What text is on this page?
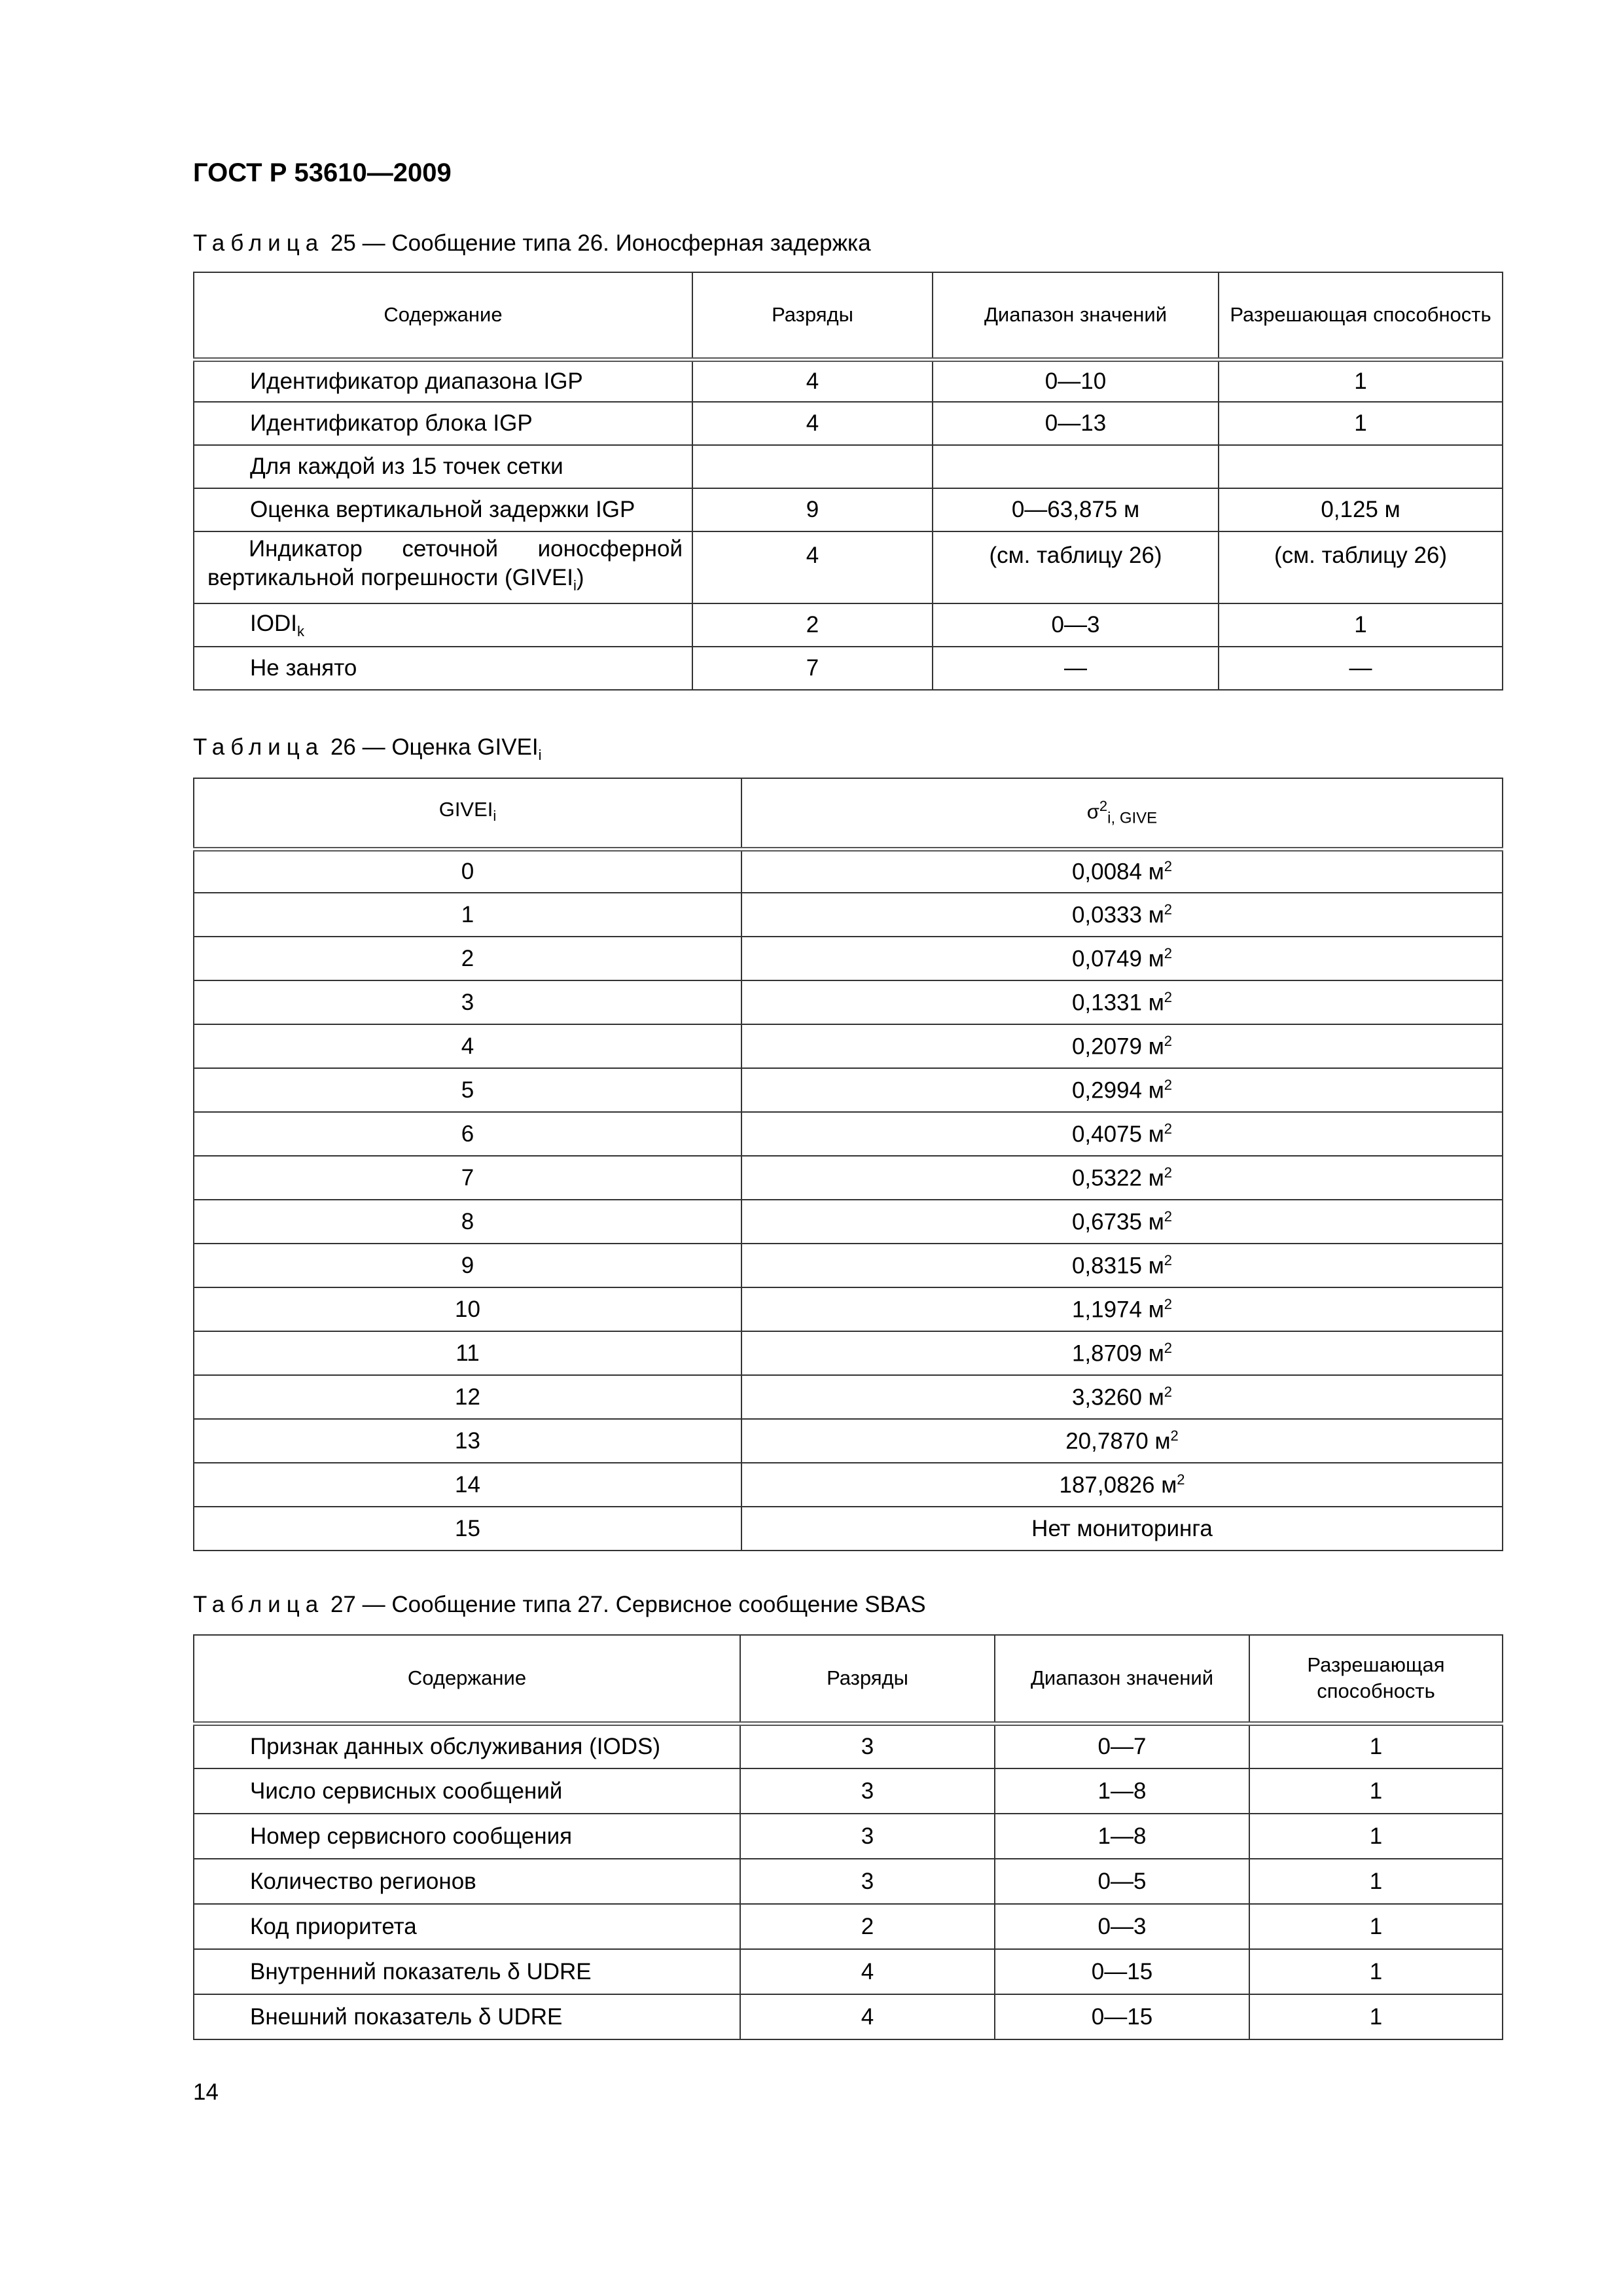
ГОСТ Р 53610—2009
Таблица 25 — Сообщение типа 26. Ионосферная задержка
Содержание	Разряды	Диапазон значений	Разрешающая способность
Идентификатор диапазона IGP	4	0—10	1
Идентификатор блока IGP	4	0—13	1
Для каждой из 15 точек сетки			
Оценка вертикальной задержки IGP	9	0—63,875 м	0,125 м
Индикатор сеточной ионосферной вертикальной погрешности $(GIVEI_i)$	4	(см. таблицу 26)	(см. таблицу 26)
$IODI_k$	2	0—3	1
Не занято	7	—	—
Таблица 26 — Оценка $GIVEI_i$
$GIVEI_i$	$\sigma^2_{i, GIVE}$
0	0,0084 $м^2$
1	0,0333 $м^2$
2	0,0749 $м^2$
3	0,1331 $м^2$
4	0,2079 $м^2$
5	0,2994 $м^2$
6	0,4075 $м^2$
7	0,5322 $м^2$
8	0,6735 $м^2$
9	0,8315 $м^2$
10	1,1974 $м^2$
11	1,8709 $м^2$
12	3,3260 $м^2$
13	20,7870 $м^2$
14	187,0826 $м^2$
15	Нет мониторинга
Таблица 27 — Сообщение типа 27. Сервисное сообщение SBAS
Содержание	Разряды	Диапазон значений	Разрешающая способность
Признак данных обслуживания (IODS)	3	0—7	1
Число сервисных сообщений	3	1—8	1
Номер сервисного сообщения	3	1—8	1
Количество регионов	3	0—5	1
Код приоритета	2	0—3	1
Внутренний показатель δ UDRE	4	0—15	1
Внешний показатель δ UDRE	4	0—15	1
14
